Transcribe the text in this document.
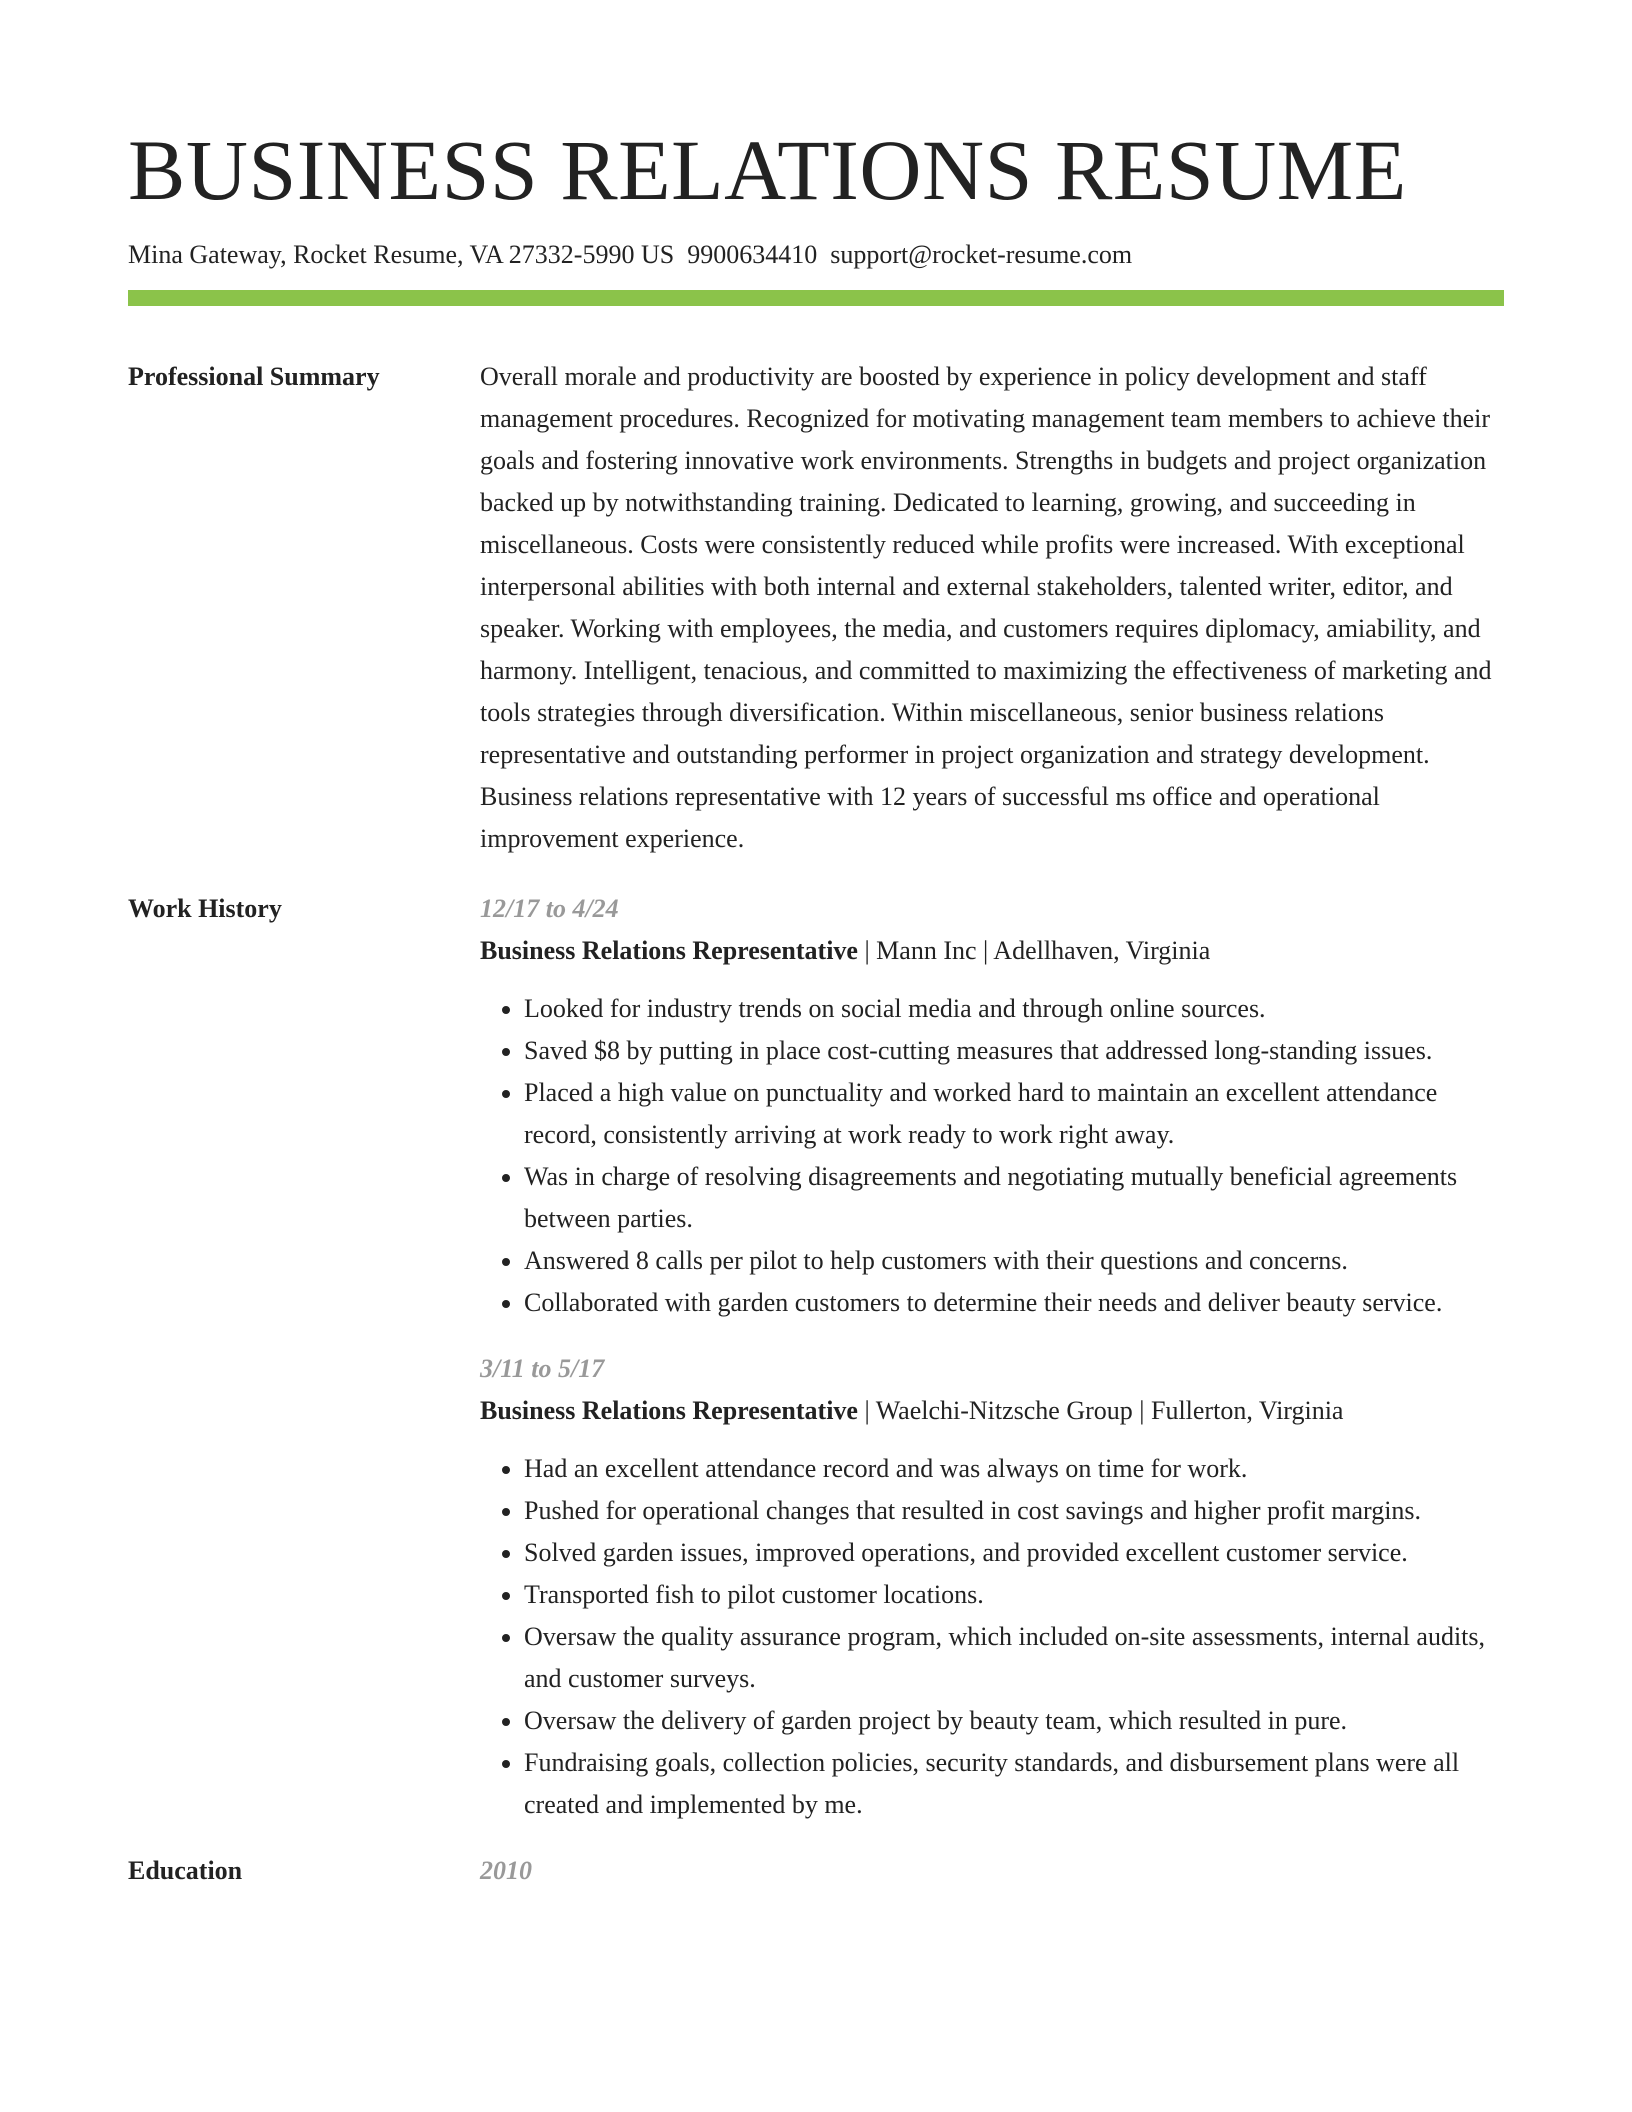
BUSINESS RELATIONS RESUME
Mina Gateway, Rocket Resume, VA 27332-5990 US 9900634410 support@rocket-resume.com
Professional Summary	Overall morale and productivity are boosted by experience in policy development and staff management procedures. Recognized for motivating management team members to achieve their goals and fostering innovative work environments. Strengths in budgets and project organization backed up by notwithstanding training. Dedicated to learning, growing, and succeeding in miscellaneous. Costs were consistently reduced while profits were increased. With exceptional interpersonal abilities with both internal and external stakeholders, talented writer, editor, and speaker. Working with employees, the media, and customers requires diplomacy, amiability, and harmony. Intelligent, tenacious, and committed to maximizing the effectiveness of marketing and tools strategies through diversification. Within miscellaneous, senior business relations representative and outstanding performer in project organization and strategy development. Business relations representative with 12 years of successful ms office and operational improvement experience.

Work History	12/17 to 4/24
Business Relations Representative | Mann Inc | Adellhaven, Virginia
• Looked for industry trends on social media and through online sources.
• Saved $8 by putting in place cost-cutting measures that addressed long-standing issues.
• Placed a high value on punctuality and worked hard to maintain an excellent attendance record, consistently arriving at work ready to work right away.
• Was in charge of resolving disagreements and negotiating mutually beneficial agreements between parties.
• Answered 8 calls per pilot to help customers with their questions and concerns.
• Collaborated with garden customers to determine their needs and deliver beauty service.
3/11 to 5/17
Business Relations Representative | Waelchi-Nitzsche Group | Fullerton, Virginia
• Had an excellent attendance record and was always on time for work.
• Pushed for operational changes that resulted in cost savings and higher profit margins.
• Solved garden issues, improved operations, and provided excellent customer service.
• Transported fish to pilot customer locations.
• Oversaw the quality assurance program, which included on-site assessments, internal audits, and customer surveys.
• Oversaw the delivery of garden project by beauty team, which resulted in pure.
• Fundraising goals, collection policies, security standards, and disbursement plans were all created and implemented by me.
Education	2010
